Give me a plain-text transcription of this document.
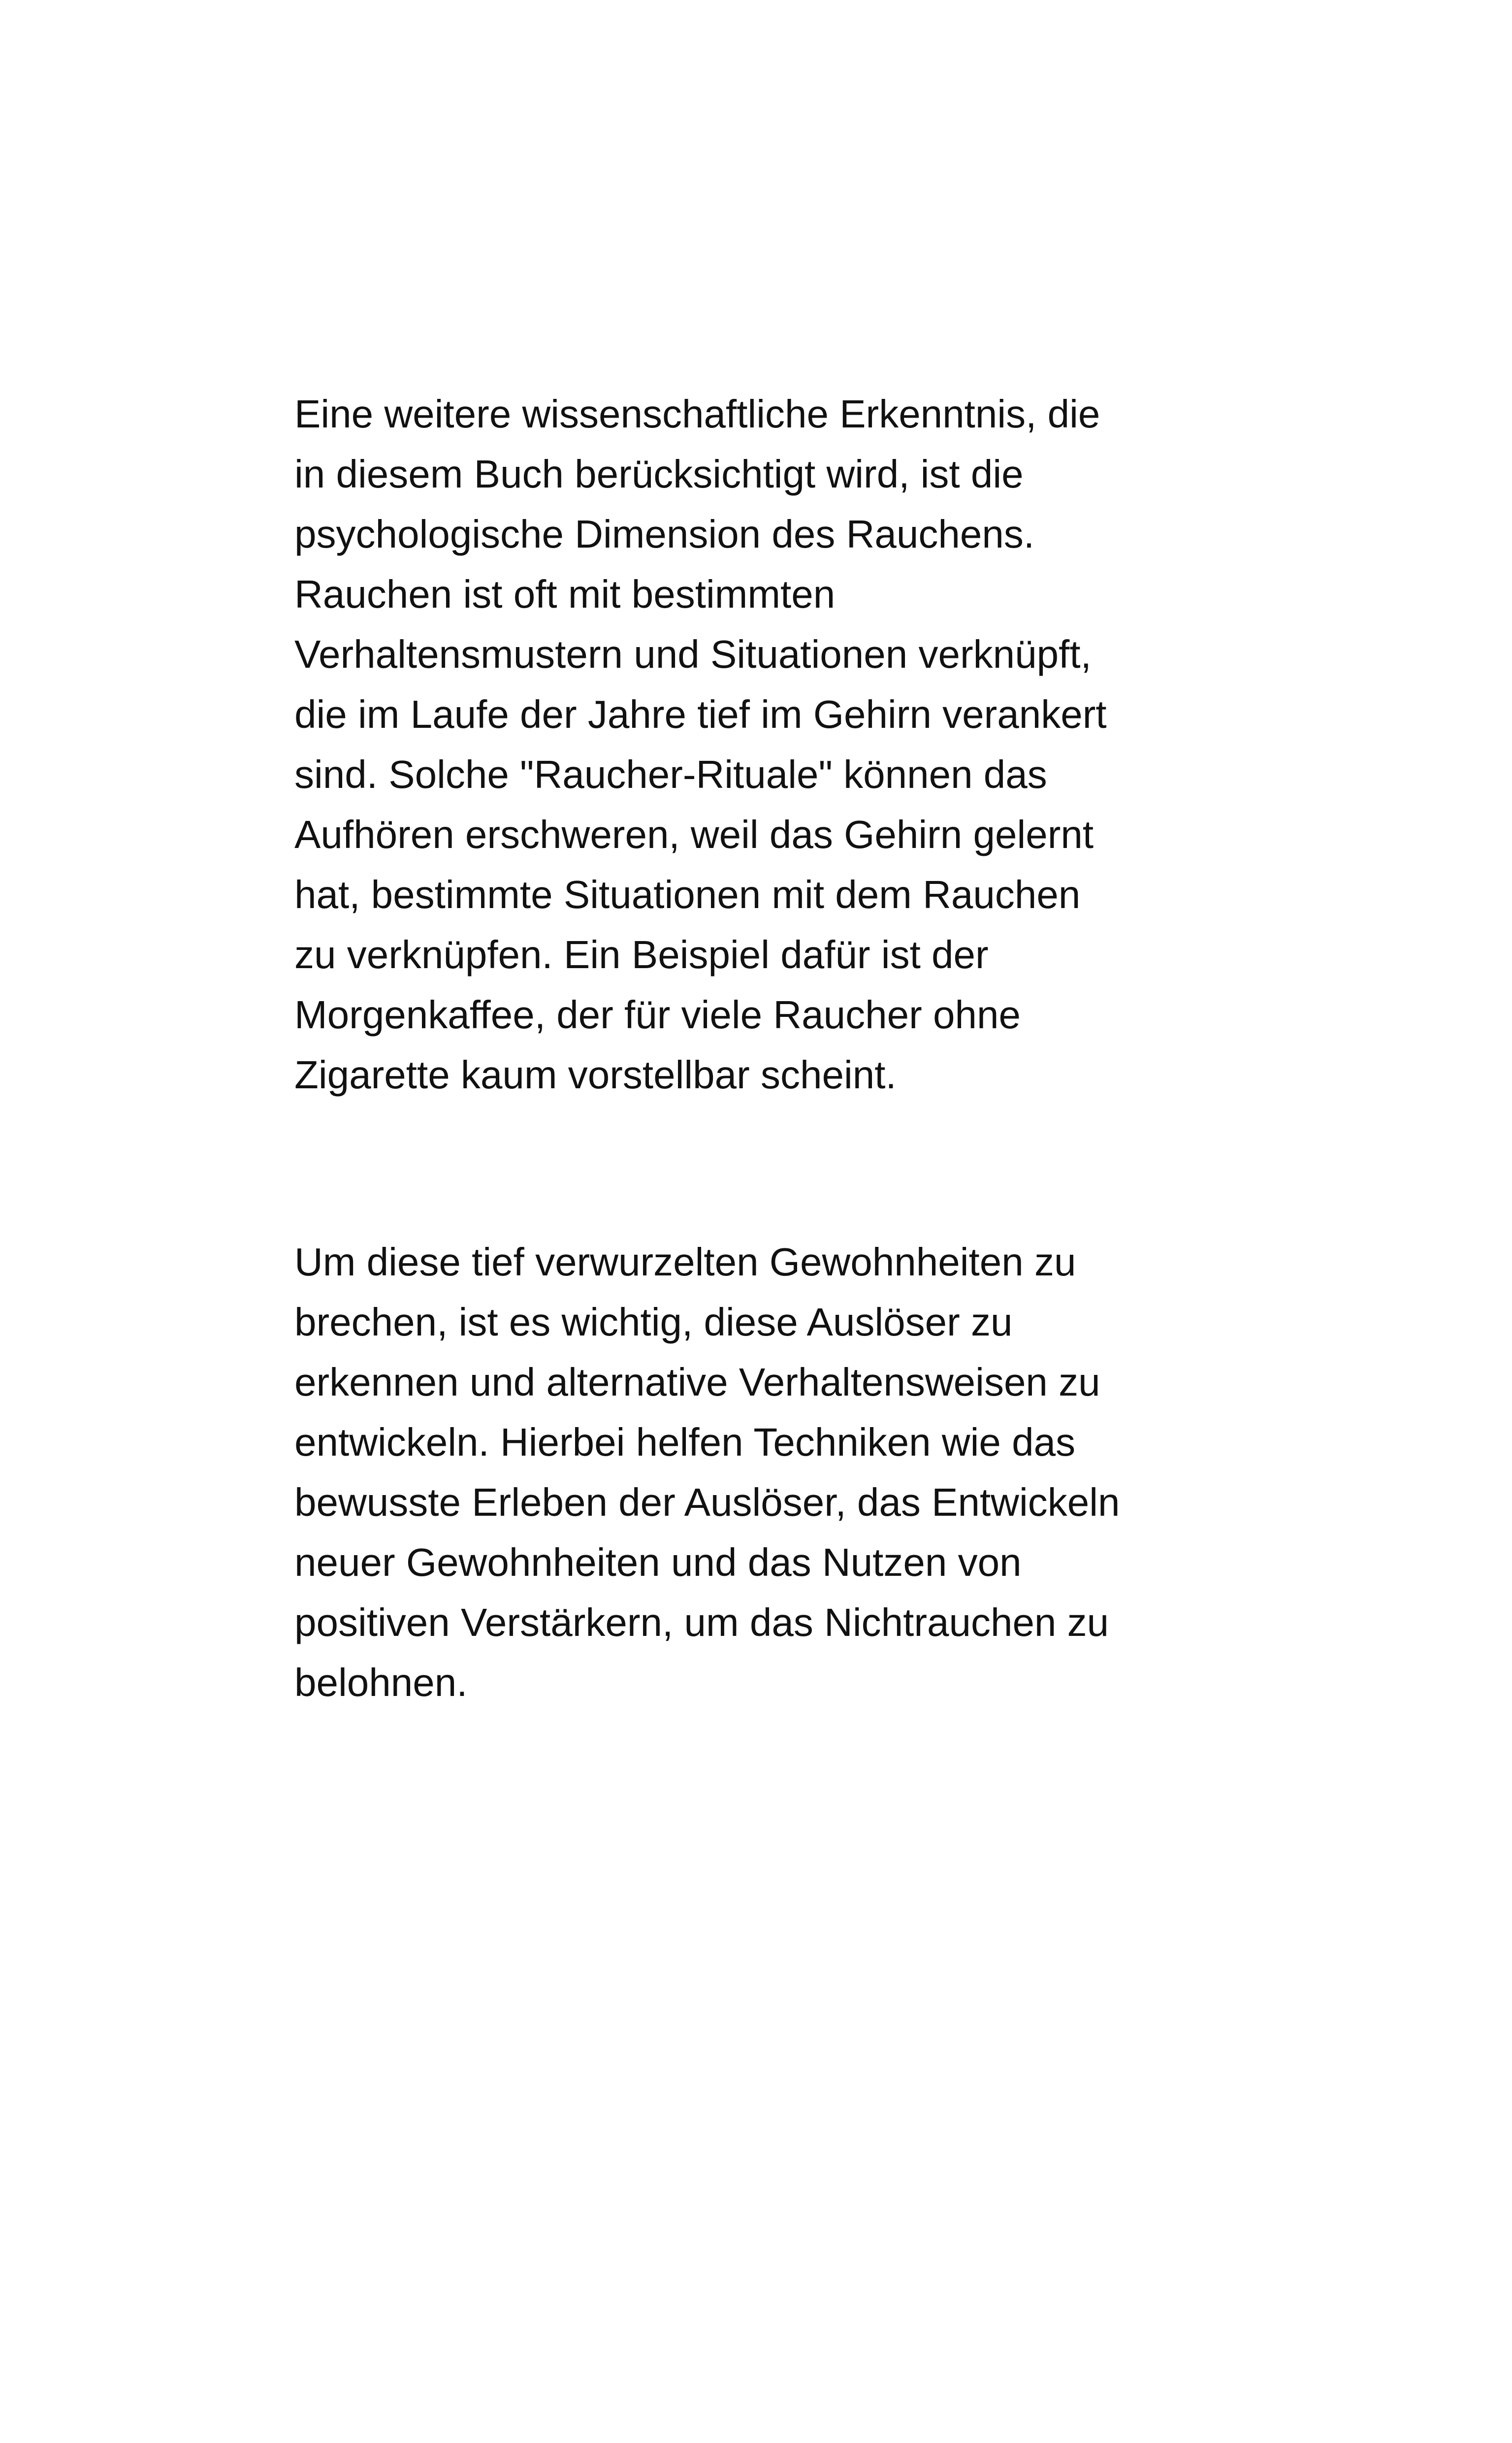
Eine weitere wissenschaftliche Erkenntnis, die
in diesem Buch berücksichtigt wird, ist die
psychologische Dimension des Rauchens.
Rauchen ist oft mit bestimmten
Verhaltensmustern und Situationen verknüpft,
die im Laufe der Jahre tief im Gehirn verankert
sind. Solche "Raucher-Rituale" können das
Aufhören erschweren, weil das Gehirn gelernt
hat, bestimmte Situationen mit dem Rauchen
zu verknüpfen. Ein Beispiel dafür ist der
Morgenkaffee, der für viele Raucher ohne
Zigarette kaum vorstellbar scheint.
Um diese tief verwurzelten Gewohnheiten zu
brechen, ist es wichtig, diese Auslöser zu
erkennen und alternative Verhaltensweisen zu
entwickeln. Hierbei helfen Techniken wie das
bewusste Erleben der Auslöser, das Entwickeln
neuer Gewohnheiten und das Nutzen von
positiven Verstärkern, um das Nichtrauchen zu
belohnen.
